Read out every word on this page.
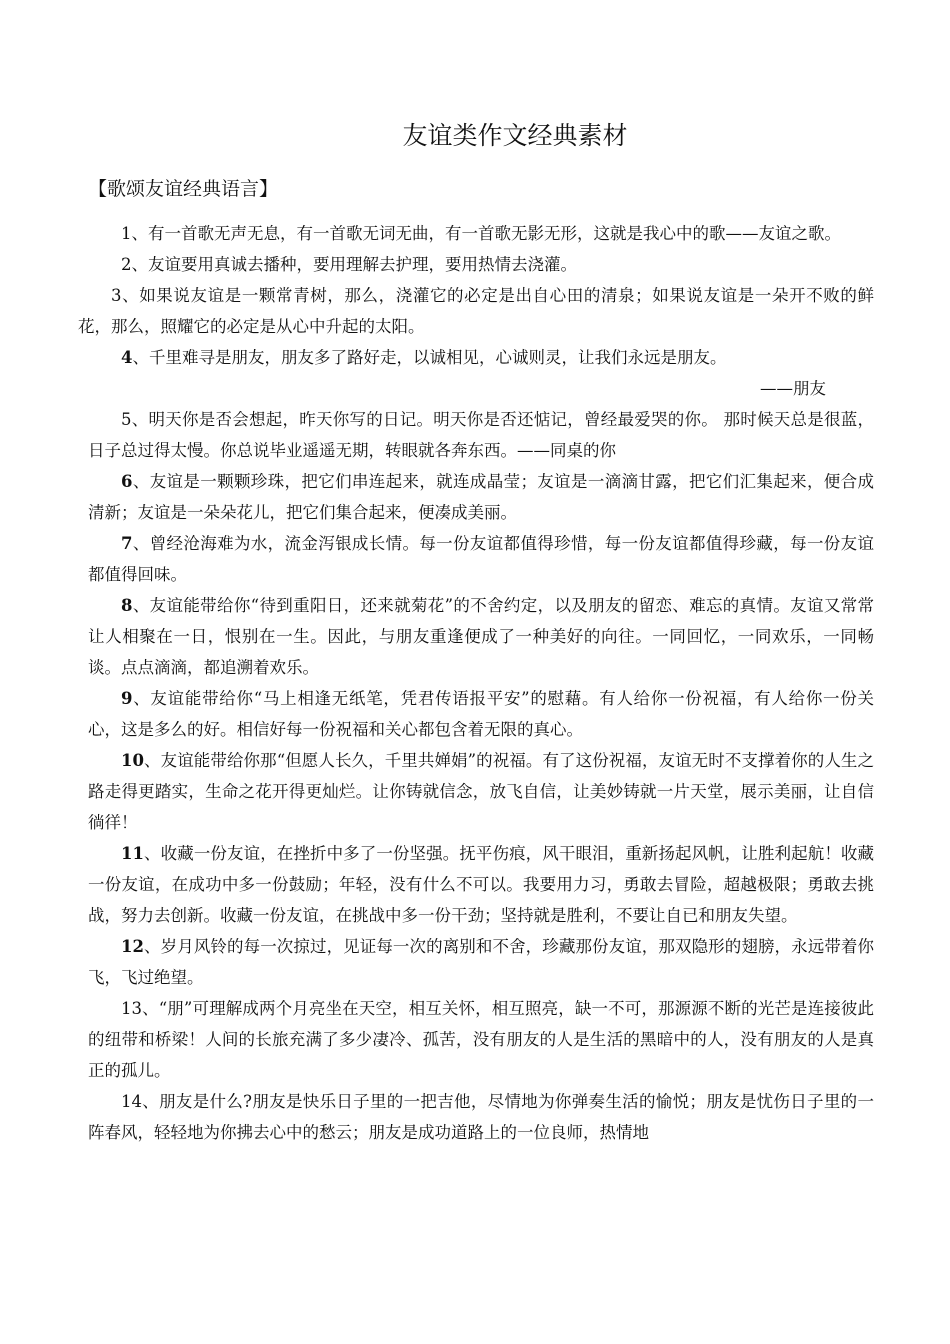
友谊类作文经典素材
【歌颂友谊经典语言】

1、有一首歌无声无息，有一首歌无词无曲，有一首歌无影无形，这就是我心中的歌——友谊之歌。

2、友谊要用真诚去播种，要用理解去护理，要用热情去浇灌。

3、如果说友谊是一颗常青树，那么，浇灌它的必定是出自心田的清泉；如果说友谊是一朵开不败的鲜花，那么，照耀它的必定是从心中升起的太阳。

4、千里难寻是朋友，朋友多了路好走，以诚相见，心诚则灵，让我们永远是朋友。

——朋友

5、明天你是否会想起，昨天你写的日记。明天你是否还惦记，曾经最爱哭的你。 那时候天总是很蓝，日子总过得太慢。你总说毕业遥遥无期，转眼就各奔东西。——同桌的你

6、友谊是一颗颗珍珠，把它们串连起来，就连成晶莹；友谊是一滴滴甘露，把它们汇集起来，便合成清新；友谊是一朵朵花儿，把它们集合起来，便凑成美丽。

7、曾经沧海难为水，流金泻银成长情。每一份友谊都值得珍惜，每一份友谊都值得珍藏，每一份友谊都值得回味。

8、友谊能带给你“待到重阳日，还来就菊花”的不舍约定，以及朋友的留恋、难忘的真情。友谊又常常让人相聚在一日，恨别在一生。因此，与朋友重逢便成了一种美好的向往。一同回忆，一同欢乐，一同畅谈。点点滴滴，都追溯着欢乐。

9、友谊能带给你“马上相逢无纸笔，凭君传语报平安”的慰藉。有人给你一份祝福，有人给你一份关心，这是多么的好。相信好每一份祝福和关心都包含着无限的真心。

10、友谊能带给你那“但愿人长久，千里共婵娟”的祝福。有了这份祝福，友谊无时不支撑着你的人生之路走得更踏实，生命之花开得更灿烂。让你铸就信念，放飞自信，让美妙铸就一片天堂，展示美丽，让自信徜徉！

11、收藏一份友谊，在挫折中多了一份坚强。抚平伤痕，风干眼泪，重新扬起风帆，让胜利起航！收藏一份友谊，在成功中多一份鼓励；年轻，没有什么不可以。我要用力习，勇敢去冒险，超越极限；勇敢去挑战，努力去创新。收藏一份友谊，在挑战中多一份干劲；坚持就是胜利，不要让自已和朋友失望。

12、岁月风铃的每一次掠过，见证每一次的离别和不舍，珍藏那份友谊，那双隐形的翅膀，永远带着你飞，飞过绝望。

13、“朋”可理解成两个月亮坐在天空，相互关怀，相互照亮，缺一不可，那源源不断的光芒是连接彼此的纽带和桥梁！人间的长旅充满了多少凄冷、孤苦，没有朋友的人是生活的黑暗中的人，没有朋友的人是真正的孤儿。

14、朋友是什么?朋友是快乐日子里的一把吉他，尽情地为你弹奏生活的愉悦；朋友是忧伤日子里的一阵春风，轻轻地为你拂去心中的愁云；朋友是成功道路上的一位良师，热情地
